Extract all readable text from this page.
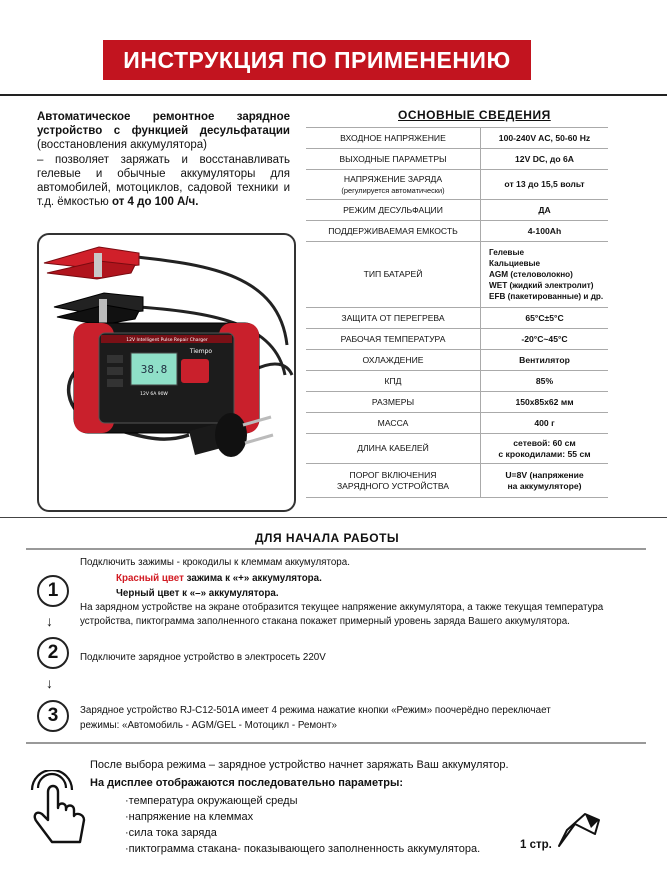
ИНСТРУКЦИЯ ПО ПРИМЕНЕНИЮ
Автоматическое ремонтное зарядное устройство с функцией десульфатации (восстановления аккумулятора)
– позволяет заряжать и восстанавливать гелевые и обычные аккумуляторы для автомобилей, мотоциклов, садовой техники и т.д. ёмкостью от 4 до 100 А/ч.
12V Intelligent Pulse Repair Charger
Tiempo
38.8
12V 6A 90W
ОСНОВНЫЕ СВЕДЕНИЯ
ВХОДНОЕ НАПРЯЖЕНИЕ	100-240V AC, 50-60 Hz
ВЫХОДНЫЕ ПАРАМЕТРЫ	12V DC, до 6A
НАПРЯЖЕНИЕ ЗАРЯДА
(регулируется автоматически)	от 13 до 15,5 вольт
РЕЖИМ ДЕСУЛЬФАЦИИ	ДА
ПОДДЕРЖИВАЕМАЯ ЕМКОСТЬ	4-100Ah
ТИП БАТАРЕЙ	Гелевые
Кальциевые
AGM (стеловолокно)
WET (жидкий электролит)
EFB (пакетированные) и др.

ЗАЩИТА ОТ ПЕРЕГРЕВА	65°С±5°С
РАБОЧАЯ ТЕМПЕРАТУРА	-20°С~45°С
ОХЛАЖДЕНИЕ	Вентилятор
КПД	85%
РАЗМЕРЫ	150х85х62 мм
МАССА	400 г
ДЛИНА КАБЕЛЕЙ	сетевой: 60 см
с крокодилами: 55 см
ПОРОГ ВКЛЮЧЕНИЯ
ЗАРЯДНОГО УСТРОЙСТВА	U=8V (напряжение
на аккумуляторе)
ДЛЯ НАЧАЛА РАБОТЫ
Подключить зажимы - крокодилы к клеммам аккумулятора.
Красный цвет зажима к «+» аккумулятора.
Черный цвет к «–» аккумулятора.
На зарядном устройстве на экране отобразится текущее напряжение аккумулятора, а также текущая температура
устройства, пиктограмма заполненного стакана покажет примерный уровень заряда Вашего аккумулятора.
1
↓
2	Подключите зарядное устройство в электросеть 220V
↓
3	Зарядное устройство RJ-C12-501A имеет 4 режима нажатие кнопки «Режим» поочерёдно переключает
режимы: «Автомобиль - AGM/GEL - Мотоцикл - Ремонт»
После выбора режима – зарядное устройство начнет заряжать Ваш аккумулятор.
На дисплее отображаются последовательно параметры:
·температура окружающей среды
·напряжение на клеммах
·сила тока заряда
·пиктограмма стакана- показывающего заполненность аккумулятора.	1 стр.
